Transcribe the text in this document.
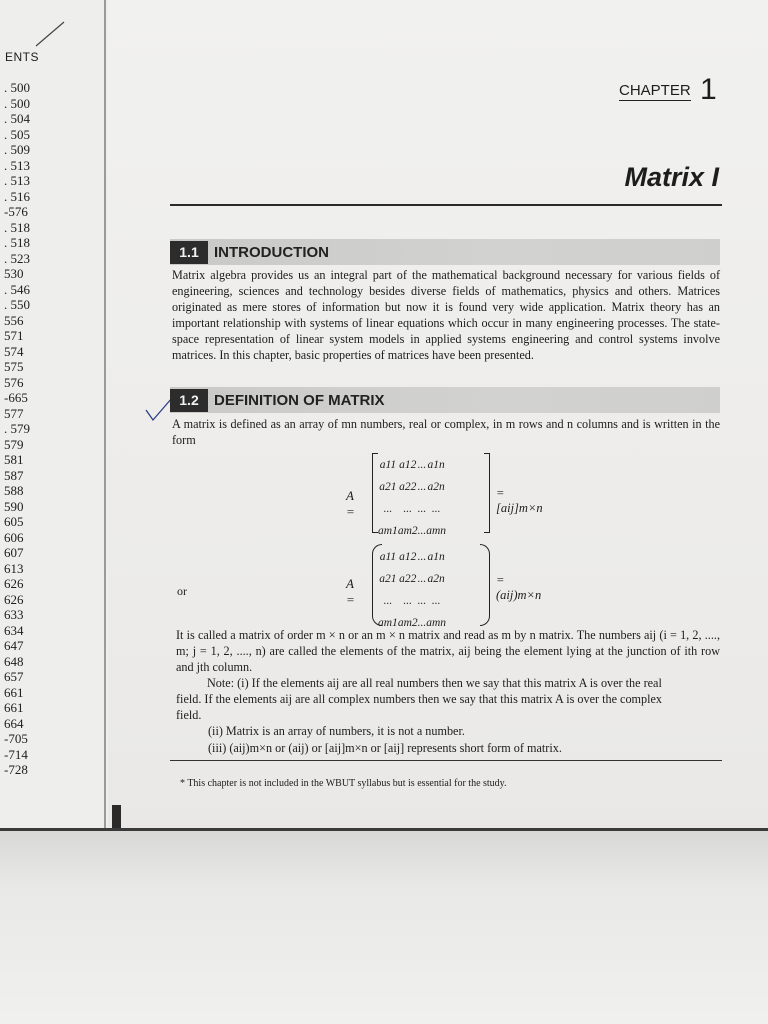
ENTS
. 500
. 500
. 504
. 505
. 509
. 513
. 513
. 516
-576
. 518
. 518
. 523
530
. 546
. 550
556
571
574
575
576
-665
577
. 579
579
581
587
588
590
605
606
607
613
626
626
633
634
647
648
657
661
661
664
-705
-714
-728
CHAPTER 1
Matrix I
1.1	INTRODUCTION

Matrix algebra provides us an integral part of the mathematical background necessary for various fields of engineering, sciences and technology besides diverse fields of mathematics, physics and others. Matrices originated as mere stores of information but now it is found very wide application. Matrix theory has an important relationship with systems of linear equations which occur in many engineering processes. The state-space representation of linear system models in applied systems engineering and control systems involve matrices. In this chapter, basic properties of matrices have been presented.

1.2	DEFINITION OF MATRIX

A matrix is defined as an array of mn numbers, real or complex, in m rows and n columns and is written in the form

A =
a11	a12	...	a1n
a21	a22	...	a2n
...	...	...	...
am1	am2	...	amn
= [aij]m×n
or	A =
a11	a12	...	a1n
a21	a22	...	a2n
...	...	...	...
am1	am2	...	amn
= (aij)m×n

It is called a matrix of order m × n or an m × n matrix and read as m by n matrix. The numbers aij (i = 1, 2, ...., m; j = 1, 2, ...., n) are called the elements of the matrix, aij being the element lying at the junction of ith row and jth column.

Note: (i) If the elements aij are all real numbers then we say that this matrix A is over the real

field. If the elements aij are all complex numbers then we say that this matrix A is over the complex

field.

(ii) Matrix is an array of numbers, it is not a number.

(iii) (aij)m×n or (aij) or [aij]m×n or [aij] represents short form of matrix.

* This chapter is not included in the WBUT syllabus but is essential for the study.
